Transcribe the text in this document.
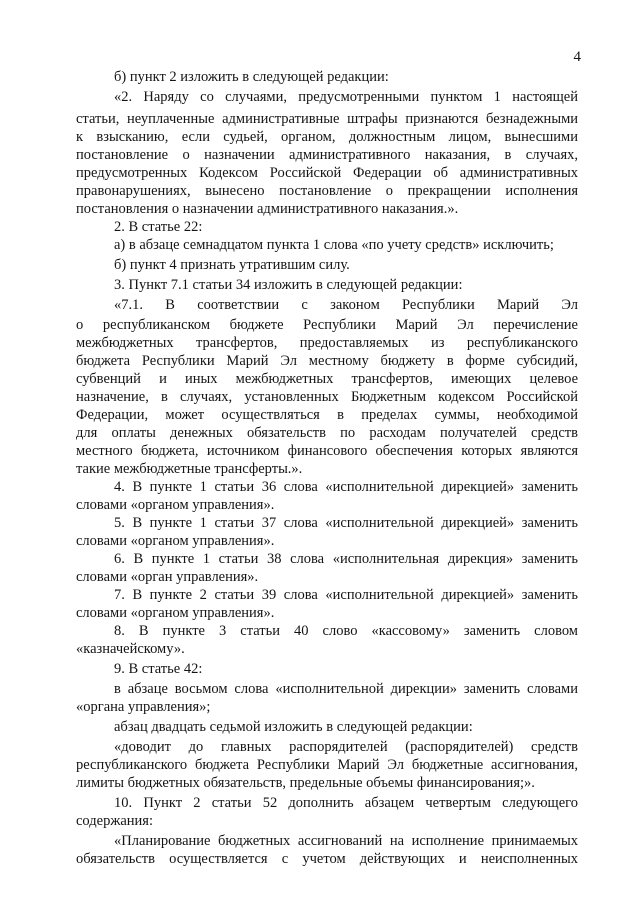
4
б) пункт 2 изложить в следующей редакции:
«2. Наряду со случаями, предусмотренными пунктом 1 настоящей
статьи, неуплаченные административные штрафы признаются безнадежными
к взысканию, если судьей, органом, должностным лицом, вынесшими
постановление о назначении административного наказания, в случаях,
предусмотренных Кодексом Российской Федерации об административных
правонарушениях, вынесено постановление о прекращении исполнения
постановления о назначении административного наказания.».
2. В статье 22:
а) в абзаце семнадцатом пункта 1 слова «по учету средств» исключить;
б) пункт 4 признать утратившим силу.
3. Пункт 7.1 статьи 34 изложить в следующей редакции:
«7.1. В соответствии с законом Республики Марий Эл
о республиканском бюджете Республики Марий Эл перечисление
межбюджетных трансфертов, предоставляемых из республиканского
бюджета Республики Марий Эл местному бюджету в форме субсидий,
субвенций и иных межбюджетных трансфертов, имеющих целевое
назначение, в случаях, установленных Бюджетным кодексом Российской
Федерации, может осуществляться в пределах суммы, необходимой
для оплаты денежных обязательств по расходам получателей средств
местного бюджета, источником финансового обеспечения которых являются
такие межбюджетные трансферты.».
4. В пункте 1 статьи 36 слова «исполнительной дирекцией» заменить
словами «органом управления».
5. В пункте 1 статьи 37 слова «исполнительной дирекцией» заменить
словами «органом управления».
6. В пункте 1 статьи 38 слова «исполнительная дирекция» заменить
словами «орган управления».
7. В пункте 2 статьи 39 слова «исполнительной дирекцией» заменить
словами «органом управления».
8. В пункте 3 статьи 40 слово «кассовому» заменить словом
«казначейскому».
9. В статье 42:
в абзаце восьмом слова «исполнительной дирекции» заменить словами
«органа управления»;
абзац двадцать седьмой изложить в следующей редакции:
«доводит до главных распорядителей (распорядителей) средств
республиканского бюджета Республики Марий Эл бюджетные ассигнования,
лимиты бюджетных обязательств, предельные объемы финансирования;».
10. Пункт 2 статьи 52 дополнить абзацем четвертым следующего
содержания:
«Планирование бюджетных ассигнований на исполнение принимаемых
обязательств осуществляется с учетом действующих и неисполненных
